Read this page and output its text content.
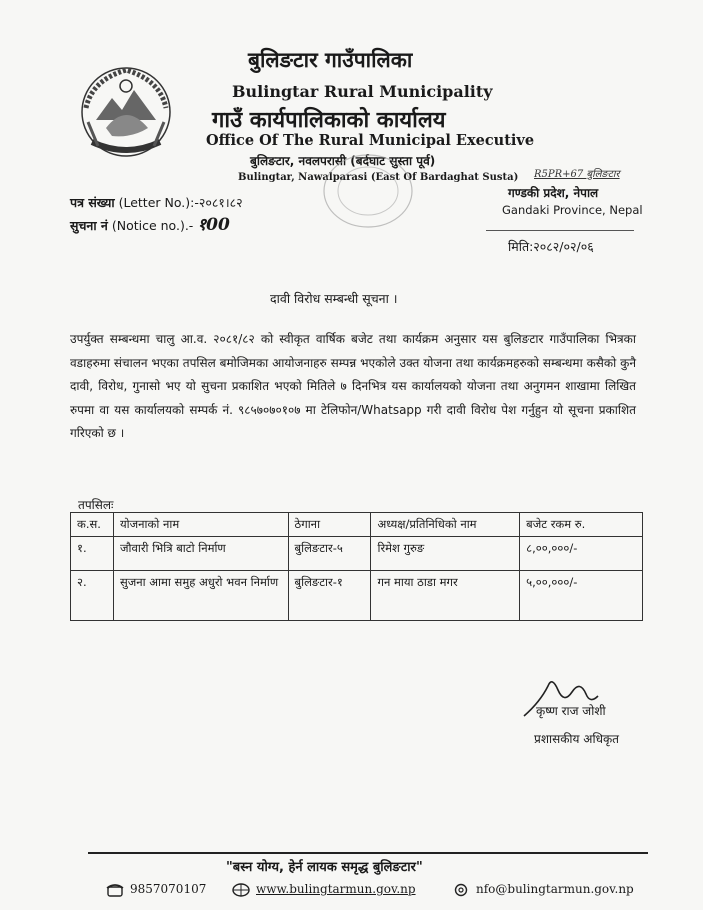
बुलिङटार गाउँपालिका
Bulingtar Rural Municipality
गाउँ कार्यपालिकाको कार्यालय
Office Of The Rural Municipal Executive
बुलिङटार, नवलपरासी (बर्दघाट सुस्ता पूर्व)
Bulingtar, Nawalparasi (East Of Bardaghat Susta) R5PR+67 बुलिङटार
गण्डकी प्रदेश, नेपाल
Gandaki Province, Nepal
पत्र संख्या (Letter No.):-२०८१।८२
सुचना नं (Notice no.).- १00
मिति:२०८२/०२/०६
दावी विरोध सम्बन्धी सूचना ।
उपर्युक्त सम्बन्धमा चालु आ.व. २०८१/८२ को स्वीकृत वार्षिक बजेट तथा कार्यक्रम अनुसार यस बुलिङटार गाउँपालिका भित्रका वडाहरुमा संचालन भएका तपसिल बमोजिमका आयोजनाहरु सम्पन्न भएकोले उक्त योजना तथा कार्यक्रमहरुको सम्बन्धमा कसैको कुनै दावी, विरोध, गुनासो भए यो सुचना प्रकाशित भएको मितिले ७ दिनभित्र यस कार्यालयको योजना तथा अनुगमन शाखामा लिखित रुपमा वा यस कार्यालयको सम्पर्क नं. ९८५७०७०१०७ मा टेलिफोन/Whatsapp गरी दावी विरोध पेश गर्नुहुन यो सूचना प्रकाशित गरिएको छ ।
तपसिलः
क.स.	योजनाको नाम	ठेगाना	अध्यक्ष/प्रतिनिधिको नाम	बजेट रकम रु.
१.	जौवारी भित्रि बाटो निर्माण	बुलिङटार-५	रिमेश गुरुङ	८,००,०००/-
२.	सुजना आमा समुह अधुरो भवन निर्माण	बुलिङटार-१	गन माया ठाडा मगर	५,००,०००/-
कृष्ण राज जोशी
प्रशासकीय अधिकृत
"बस्न योग्य, हेर्न लायक समृद्ध बुलिङटार"
9857070107	www.bulingtarmun.gov.np	nfo@bulingtarmun.gov.np
